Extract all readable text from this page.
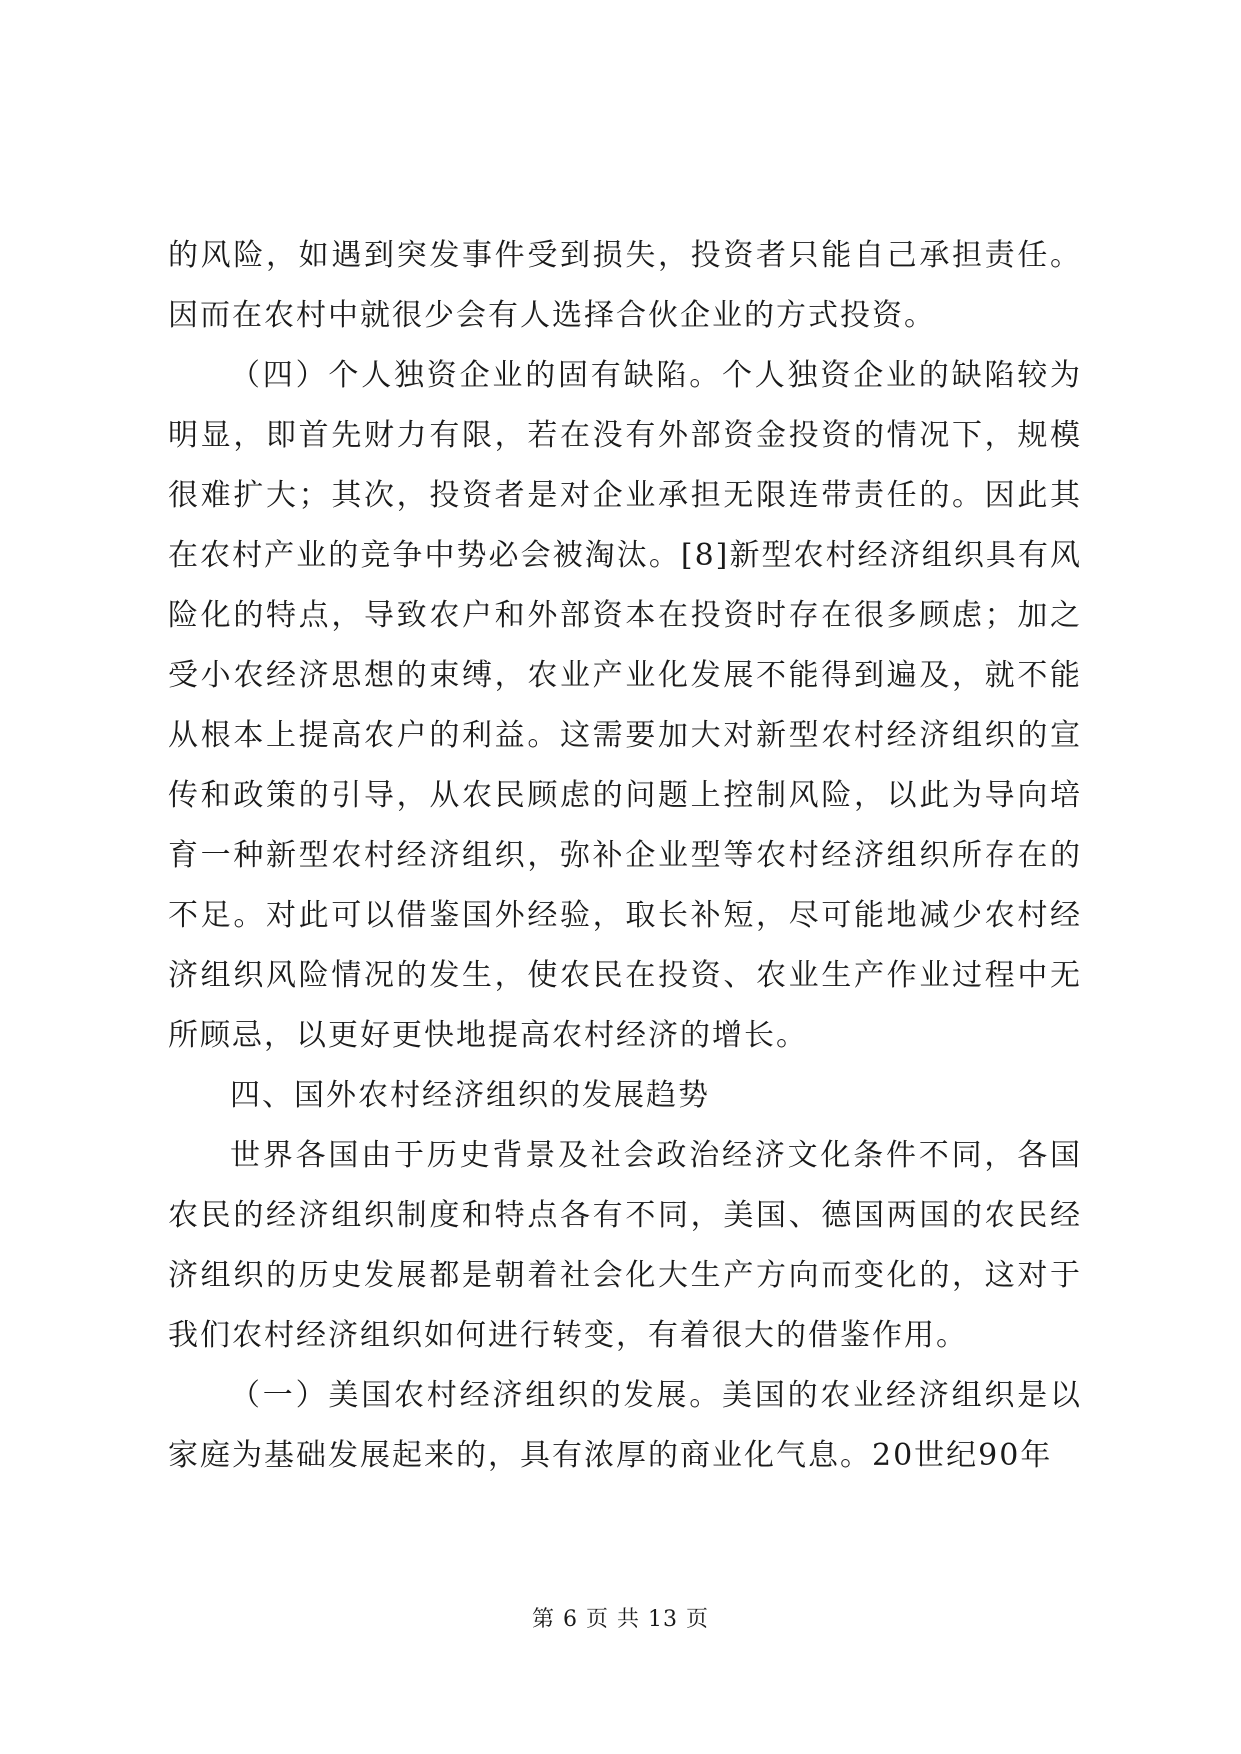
的风险，如遇到突发事件受到损失，投资者只能自己承担责任。因而在农村中就很少会有人选择合伙企业的方式投资。

（四）个人独资企业的固有缺陷。个人独资企业的缺陷较为明显，即首先财力有限，若在没有外部资金投资的情况下，规模很难扩大；其次，投资者是对企业承担无限连带责任的。因此其在农村产业的竞争中势必会被淘汰。[8]新型农村经济组织具有风险化的特点，导致农户和外部资本在投资时存在很多顾虑；加之受小农经济思想的束缚，农业产业化发展不能得到遍及，就不能从根本上提高农户的利益。这需要加大对新型农村经济组织的宣传和政策的引导，从农民顾虑的问题上控制风险，以此为导向培育一种新型农村经济组织，弥补企业型等农村经济组织所存在的不足。对此可以借鉴国外经验，取长补短，尽可能地减少农村经济组织风险情况的发生，使农民在投资、农业生产作业过程中无所顾忌，以更好更快地提高农村经济的增长。

四、国外农村经济组织的发展趋势

世界各国由于历史背景及社会政治经济文化条件不同，各国农民的经济组织制度和特点各有不同，美国、德国两国的农民经济组织的历史发展都是朝着社会化大生产方向而变化的，这对于我们农村经济组织如何进行转变，有着很大的借鉴作用。

（一）美国农村经济组织的发展。美国的农业经济组织是以家庭为基础发展起来的，具有浓厚的商业化气息。20世纪90年

第 6 页 共 13 页
